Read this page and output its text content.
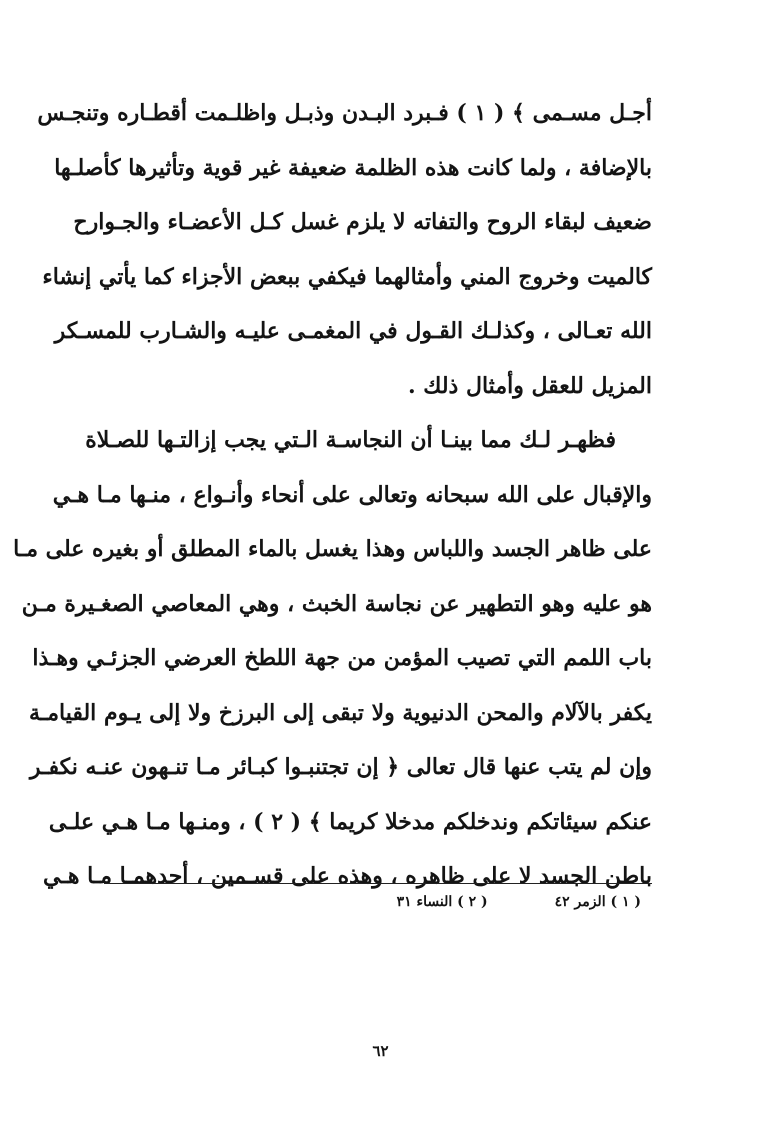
أجـل مسـمى ﴾ ( ١ ) فـبرد البـدن وذبـل واظلـمت أقطـاره وتنجـس
بالإضافة ، ولما كانت هذه الظلمة ضعيفة غير قوية وتأثيرها كأصلـها
ضعيف لبقاء الروح والتفاته لا يلزم غسل كـل الأعضـاء والجـوارح
كالميت وخروج المني وأمثالهما فيكفي ببعض الأجزاء كما يأتي إنشاء
الله تعـالى ، وكذلـك القـول في المغمـى عليـه والشـارب للمسـكر
المزيل للعقل وأمثال ذلك .
فظهـر لـك مما بينـا أن النجاسـة الـتي يجب إزالتـها للصـلاة
والإقبال على الله سبحانه وتعالى على أنحاء وأنـواع ، منـها مـا هـي
على ظاهر الجسد واللباس وهذا يغسل بالماء المطلق أو بغيره على مـا
هو عليه وهو التطهير عن نجاسة الخبث ، وهي المعاصي الصغـيرة مـن
باب اللمم التي تصيب المؤمن من جهة اللطخ العرضي الجزئـي وهـذا
يكفر بالآلام والمحن الدنيوية ولا تبقى إلى البرزخ ولا إلى يـوم القيامـة
وإن لم يتب عنها قال تعالى ﴿ إن تجتنبـوا كبـائر مـا تنـهون عنـه نكفـر
عنكم سيئاتكم وندخلكم مدخلا كريما ﴾ ( ٢ ) ، ومنـها مـا هـي علـى
باطن الجسد لا على ظاهره ، وهذه على قسـمين ، أحدهمـا مـا هـي
( ١ ) الزمر ٤٢ ( ٢ ) النساء ٣١
٦٢
